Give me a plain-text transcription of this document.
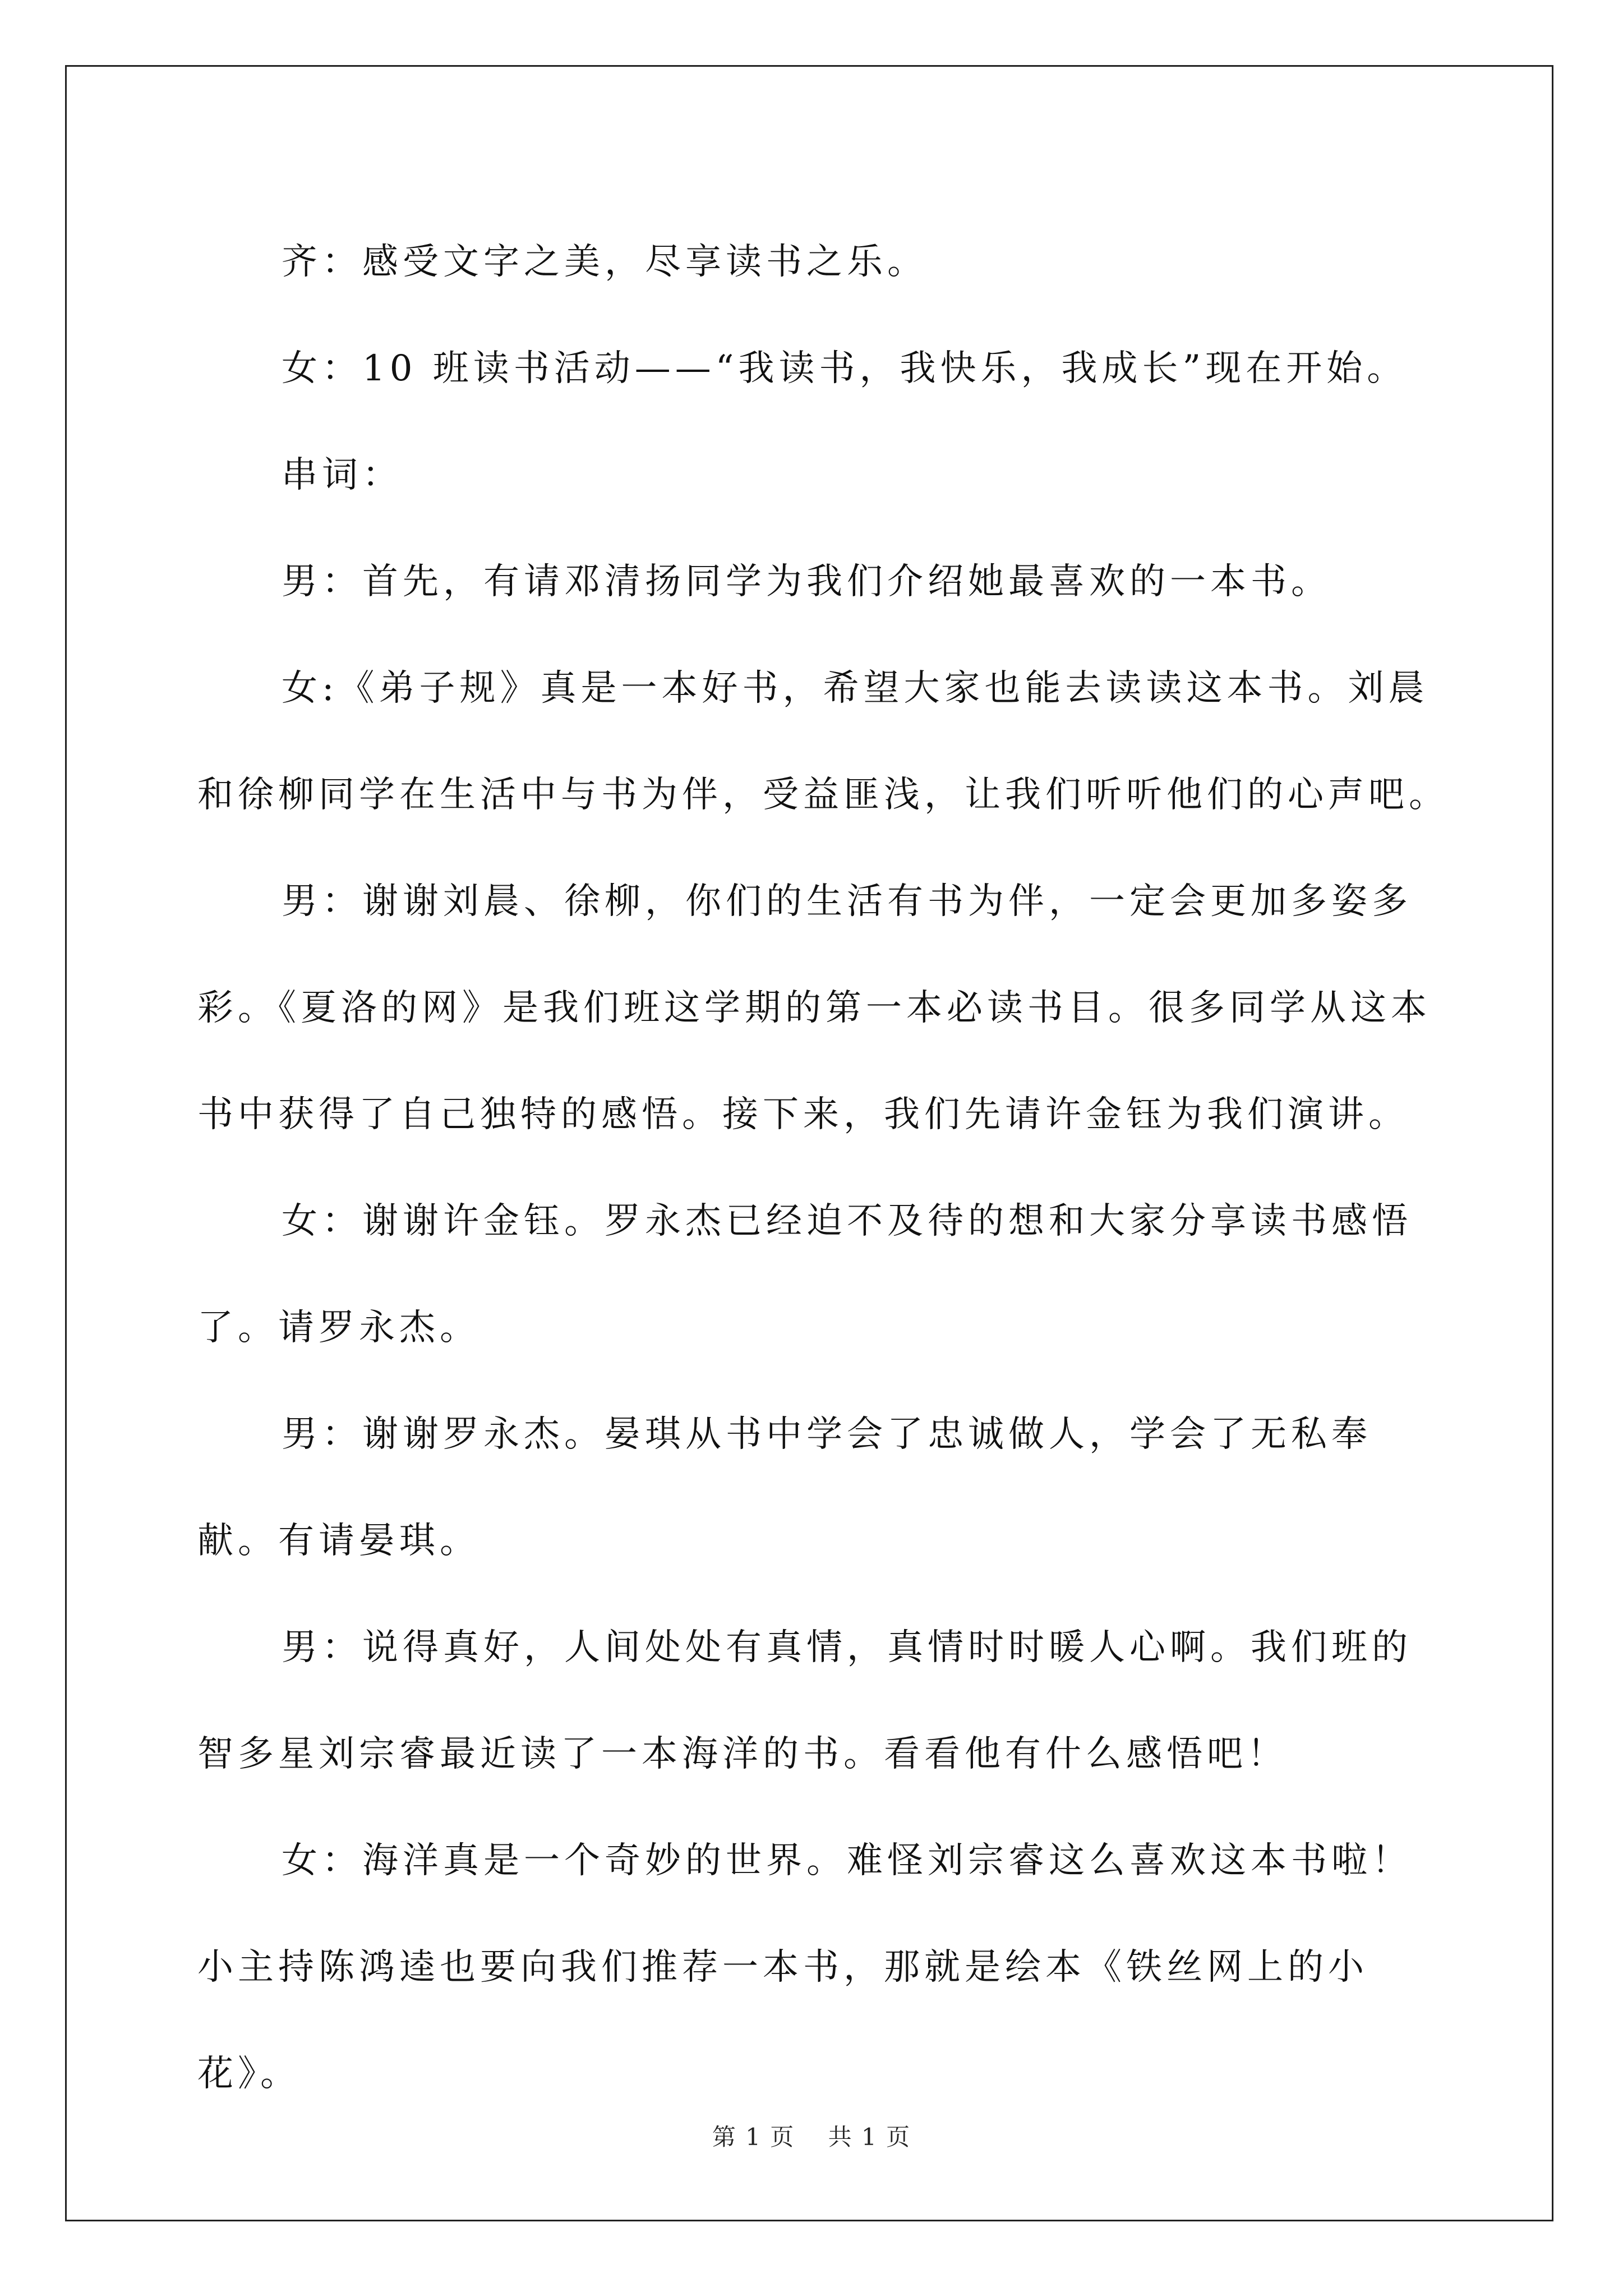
齐：感受文字之美，尽享读书之乐。

女：10 班读书活动——“我读书，我快乐，我成长”现在开始。

串词：

男：首先，有请邓清扬同学为我们介绍她最喜欢的一本书。

女:《弟子规》真是一本好书，希望大家也能去读读这本书。刘晨和徐柳同学在生活中与书为伴，受益匪浅，让我们听听他们的心声吧。

男：谢谢刘晨、徐柳，你们的生活有书为伴，一定会更加多姿多彩。《夏洛的网》是我们班这学期的第一本必读书目。很多同学从这本书中获得了自己独特的感悟。接下来，我们先请许金钰为我们演讲。

女：谢谢许金钰。罗永杰已经迫不及待的想和大家分享读书感悟了。请罗永杰。

男：谢谢罗永杰。晏琪从书中学会了忠诚做人，学会了无私奉献。有请晏琪。

男：说得真好，人间处处有真情，真情时时暖人心啊。我们班的智多星刘宗睿最近读了一本海洋的书。看看他有什么感悟吧！

女：海洋真是一个奇妙的世界。难怪刘宗睿这么喜欢这本书啦！小主持陈鸿逵也要向我们推荐一本书，那就是绘本《铁丝网上的小花》。

第 1 页 共 1 页
